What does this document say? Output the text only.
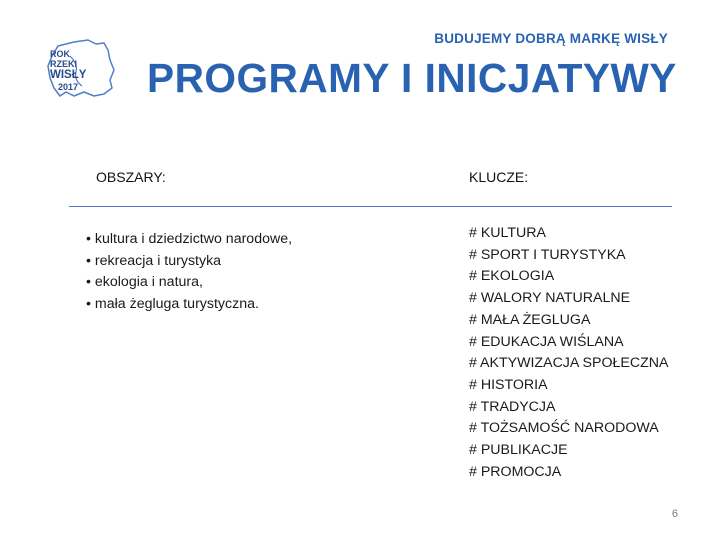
ROK
RZEKI
WISŁY
2017
BUDUJEMY DOBRĄ MARKĘ WISŁY
PROGRAMY I INICJATYWY
OBSZARY:	KLUCZE:
• kultura i dziedzictwo narodowe,
• rekreacja i turystyka
• ekologia i natura,
• mała żegluga turystyczna.
# KULTURA
# SPORT I TURYSTYKA
# EKOLOGIA
# WALORY NATURALNE
# MAŁA ŻEGLUGA
# EDUKACJA WIŚLANA
# AKTYWIZACJA SPOŁECZNA
# HISTORIA
# TRADYCJA
# TOŻSAMOŚĆ NARODOWA
# PUBLIKACJE
# PROMOCJA
6
